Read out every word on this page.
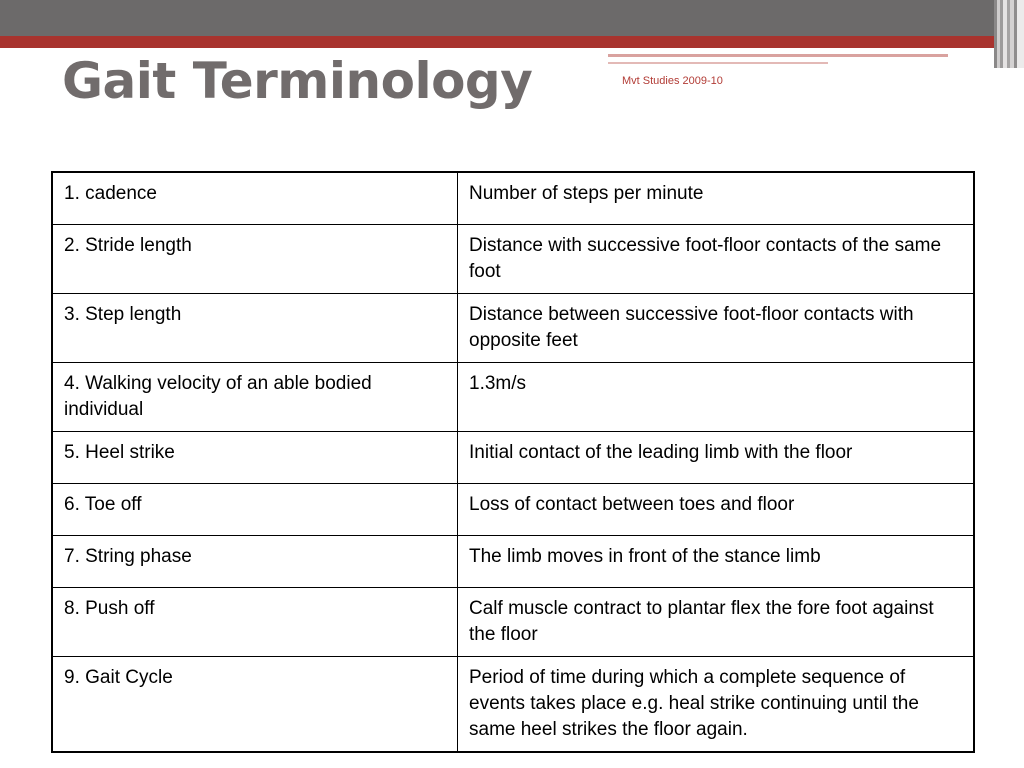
Gait Terminology	Mvt Studies 2009-10
1. cadence	Number of steps per minute
2. Stride length	Distance with successive foot-floor contacts of the same foot
3. Step length	Distance between successive foot-floor contacts with opposite feet
4. Walking velocity of an able bodied individual	1.3m/s
5. Heel strike	Initial contact of the leading limb with the floor
6. Toe off	Loss of contact between toes and floor
7. String phase	The limb moves in front of the stance limb
8. Push off	Calf muscle contract to plantar flex the fore foot against the floor
9. Gait Cycle	Period of time during which a complete sequence of events takes place e.g. heal strike continuing until the same heel strikes the floor again.
